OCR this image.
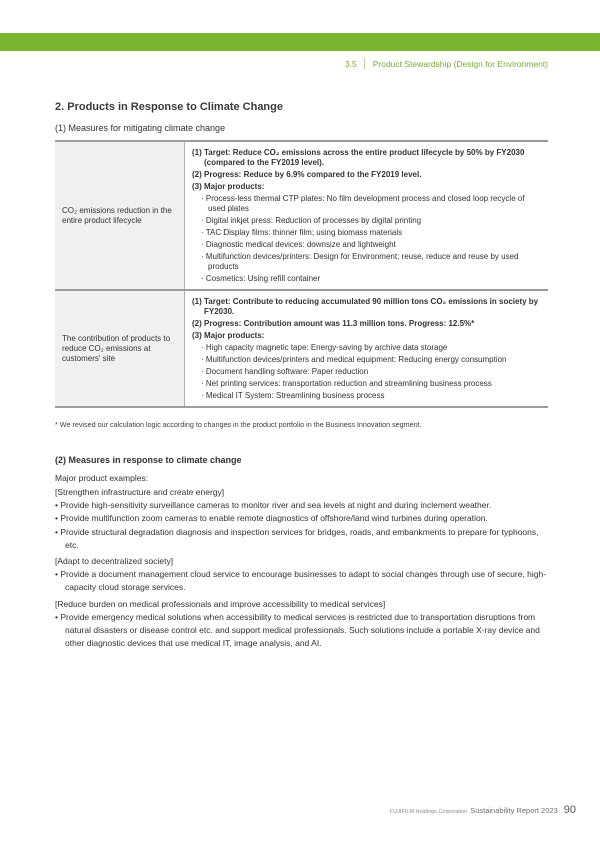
3.5 Product Stewardship (Design for Environment)
2. Products in Response to Climate Change
(1) Measures for mitigating climate change
CO₂ emissions reduction in the entire product lifecycle
(1) Target: Reduce CO₂ emissions across the entire product lifecycle by 50% by FY2030 (compared to the FY2019 level).
(2) Progress: Reduce by 6.9% compared to the FY2019 level.
(3) Major products:
· Process-less thermal CTP plates: No film development process and closed loop recycle of used plates
· Digital inkjet press: Reduction of processes by digital printing
· TAC Display films: thinner film; using biomass materials
· Diagnostic medical devices: downsize and lightweight
· Multifunction devices/printers: Design for Environment; reuse, reduce and reuse by used products
· Cosmetics: Using refill container
The contribution of products to reduce CO₂ emissions at customers' site
(1) Target: Contribute to reducing accumulated 90 million tons CO₂ emissions in society by FY2030.
(2) Progress: Contribution amount was 11.3 million tons. Progress: 12.5%*
(3) Major products:
· High capacity magnetic tape: Energy-saving by archive data storage
· Multifunction devices/printers and medical equipment: Reducing energy consumption
· Document handling software: Paper reduction
· Net printing services: transportation reduction and streamlining business process
· Medical IT System: Streamlining business process
* We revised our calculation logic according to changes in the product portfolio in the Business Innovation segment.
(2) Measures in response to climate change
Major product examples:
[Strengthen infrastructure and create energy]
• Provide high-sensitivity surveillance cameras to monitor river and sea levels at night and during inclement weather.
• Provide multifunction zoom cameras to enable remote diagnostics of offshore/land wind turbines during operation.
• Provide structural degradation diagnosis and inspection services for bridges, roads, and embankments to prepare for typhoons, etc.
[Adapt to decentralized society]
• Provide a document management cloud service to encourage businesses to adapt to social changes through use of secure, high-capacity cloud storage services.
[Reduce burden on medical professionals and improve accessibility to medical services]
• Provide emergency medical solutions when accessibility to medical services is restricted due to transportation disruptions from natural disasters or disease control etc. and support medical professionals. Such solutions include a portable X-ray device and other diagnostic devices that use medical IT, image analysis, and AI.
FUJIFILM Holdings Corporation Sustainability Report 2023 90
